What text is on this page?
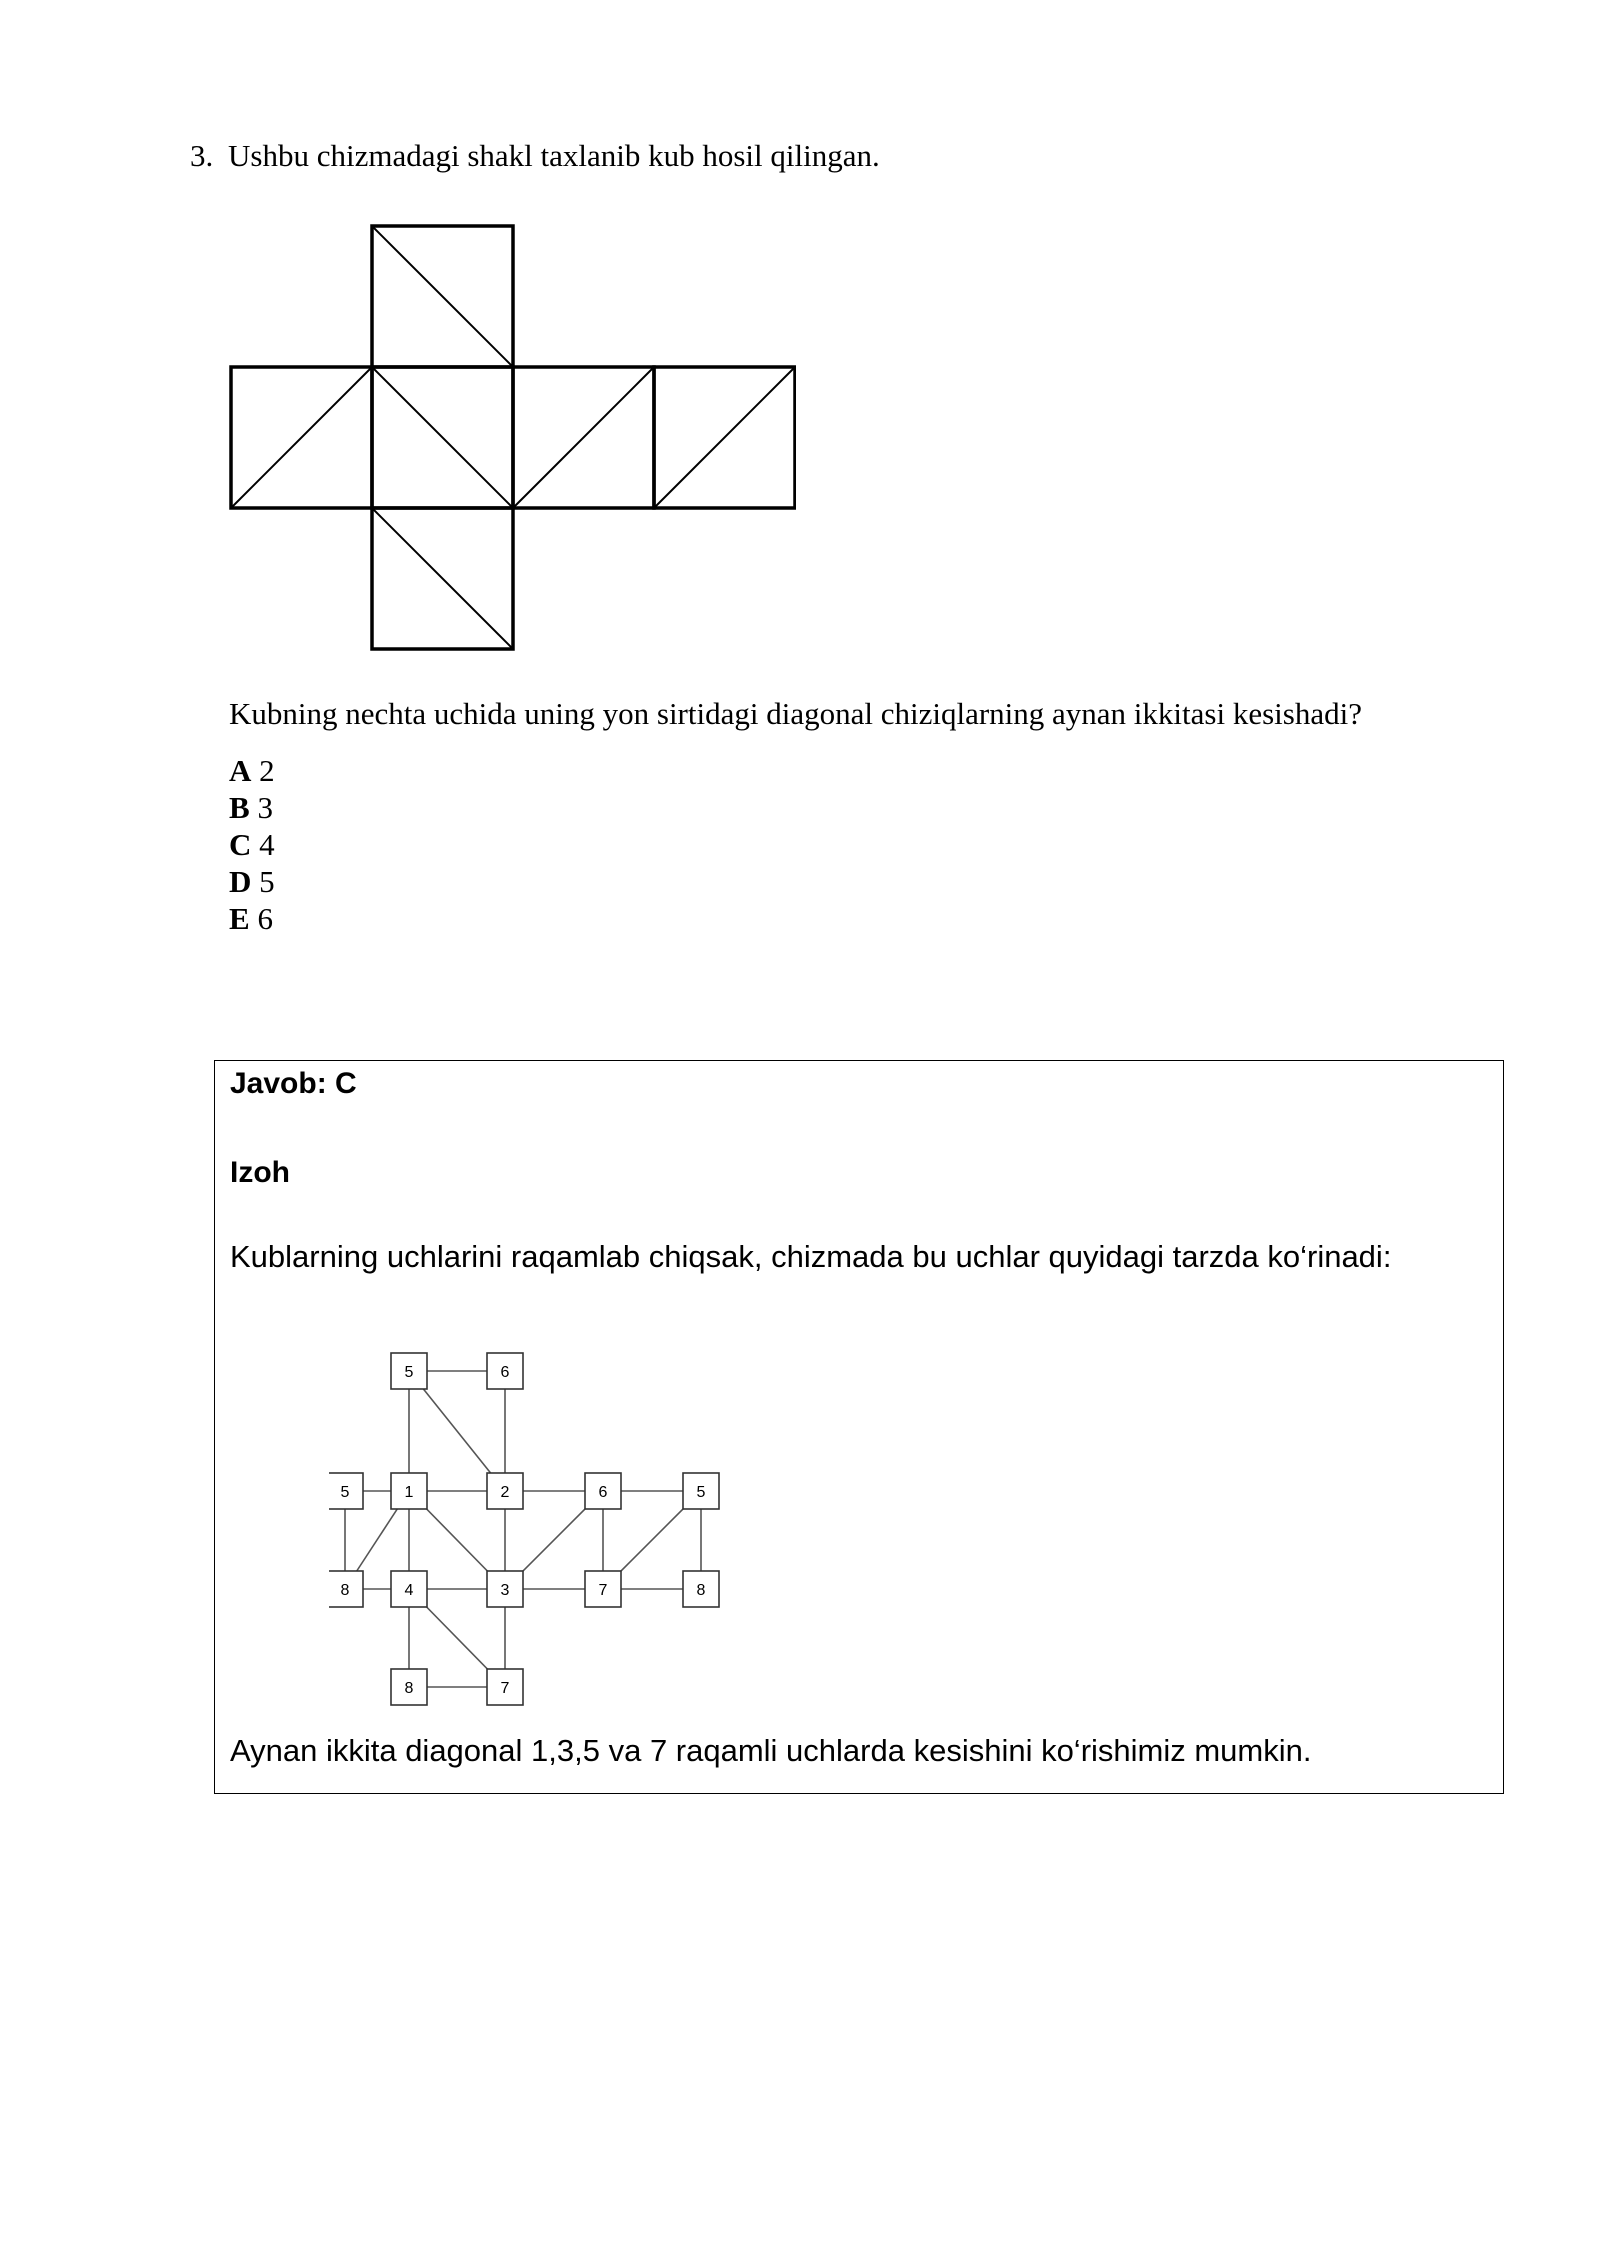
3. Ushbu chizmadagi shakl taxlanib kub hosil qilingan.
Kubning nechta uchida uning yon sirtidagi diagonal chiziqlarning aynan ikkitasi kesishadi?
A 2
B 3
C 4
D 5
E 6
Javob: C
Izoh
Kublarning uchlarini raqamlab chiqsak, chizmada bu uchlar quyidagi tarzda ko‘rinadi:
5	6
5	1	2	6	5
8	4	3	7	8
8	7
Aynan ikkita diagonal 1,3,5 va 7 raqamli uchlarda kesishini ko‘rishimiz mumkin.
